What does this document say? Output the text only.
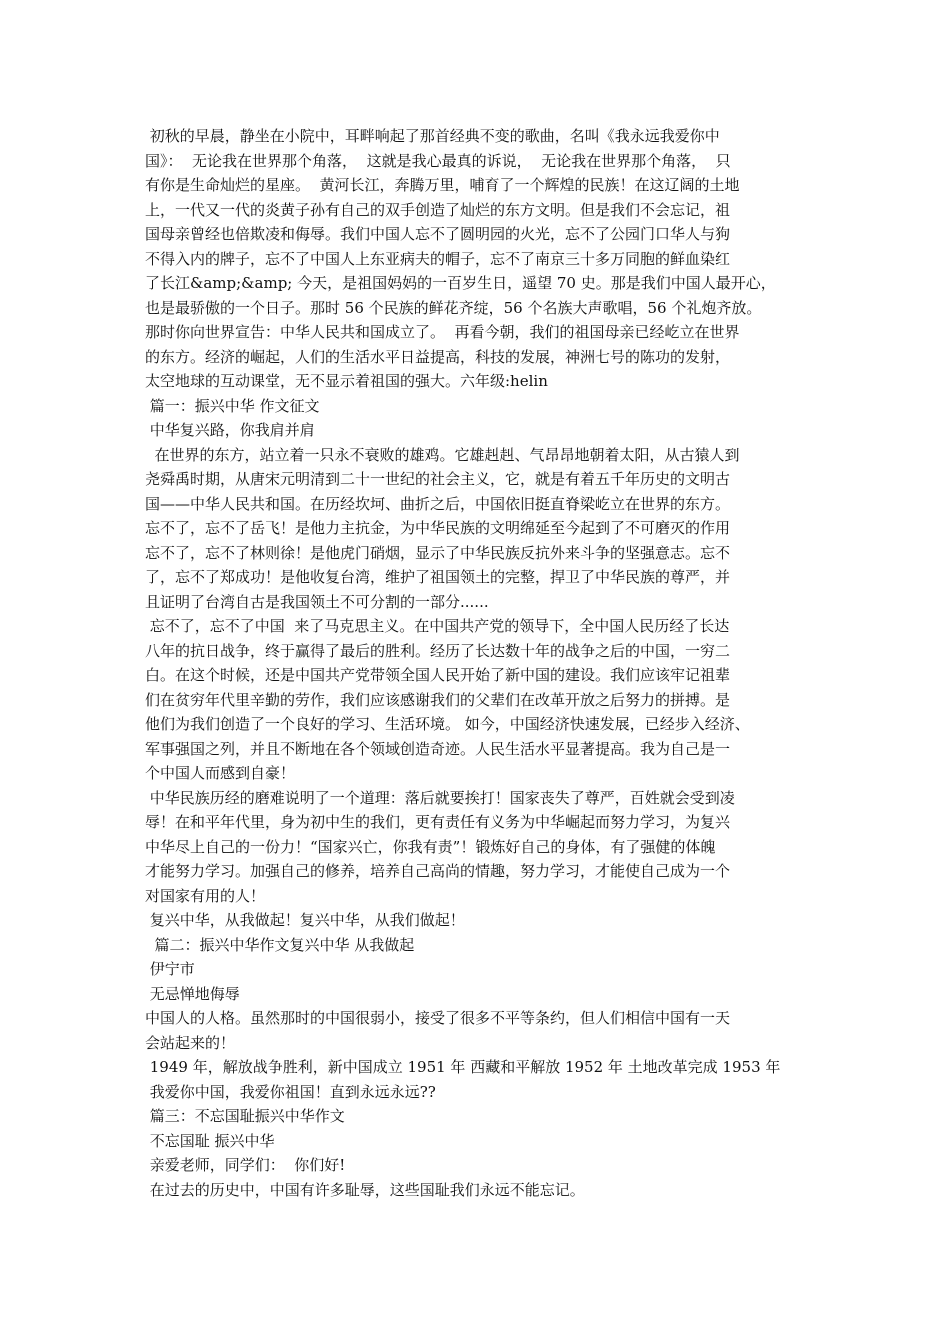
初秋的早晨，静坐在小院中，耳畔响起了那首经典不变的歌曲，名叫《我永远我爱你中
国》：  无论我在世界那个角落，  这就是我心最真的诉说，  无论我在世界那个角落，  只
有你是生命灿烂的星座。  黄河长江，奔腾万里，哺育了一个辉煌的民族！在这辽阔的土地
上，一代又一代的炎黄子孙有自己的双手创造了灿烂的东方文明。但是我们不会忘记，祖
国母亲曾经也倍欺凌和侮辱。我们中国人忘不了圆明园的火光，忘不了公园门口华人与狗
不得入内的牌子，忘不了中国人上东亚病夫的帽子，忘不了南京三十多万同胞的鲜血染红
了长江&amp;&amp; 今天，是祖国妈妈的一百岁生日，遥望 70 史。那是我们中国人最开心，
也是最骄傲的一个日子。那时 56 个民族的鲜花齐绽，56 个名族大声歌唱，56 个礼炮齐放。
那时你向世界宣告：中华人民共和国成立了。  再看今朝，我们的祖国母亲已经屹立在世界
的东方。经济的崛起，人们的生活水平日益提高，科技的发展，神洲七号的陈功的发射，
太空地球的互动课堂，无不显示着祖国的强大。六年级:helin
篇一：振兴中华 作文征文
中华复兴路，你我肩并肩
在世界的东方，站立着一只永不衰败的雄鸡。它雄赳赳、气昂昂地朝着太阳，从古猿人到
尧舜禹时期，从唐宋元明清到二十一世纪的社会主义，它，就是有着五千年历史的文明古
国——中华人民共和国。在历经坎坷、曲折之后，中国依旧挺直脊梁屹立在世界的东方。
忘不了，忘不了岳飞！是他力主抗金，为中华民族的文明绵延至今起到了不可磨灭的作用
忘不了，忘不了林则徐！是他虎门硝烟，显示了中华民族反抗外来斗争的坚强意志。忘不
了，忘不了郑成功！是他收复台湾，维护了祖国领土的完整，捍卫了中华民族的尊严，并
且证明了台湾自古是我国领土不可分割的一部分......
忘不了，忘不了中国  来了马克思主义。在中国共产党的领导下，全中国人民历经了长达
八年的抗日战争，终于赢得了最后的胜利。经历了长达数十年的战争之后的中国，一穷二
白。在这个时候，还是中国共产党带领全国人民开始了新中国的建设。我们应该牢记祖辈
们在贫穷年代里辛勤的劳作，我们应该感谢我们的父辈们在改革开放之后努力的拼搏。是
他们为我们创造了一个良好的学习、生活环境。 如今，中国经济快速发展，已经步入经济、
军事强国之列，并且不断地在各个领域创造奇迹。人民生活水平显著提高。我为自己是一
个中国人而感到自豪！
中华民族历经的磨难说明了一个道理：落后就要挨打！国家丧失了尊严，百姓就会受到凌
辱！在和平年代里，身为初中生的我们，更有责任有义务为中华崛起而努力学习，为复兴
中华尽上自己的一份力！“国家兴亡，你我有责”！锻炼好自己的身体，有了强健的体魄
才能努力学习。加强自己的修养，培养自己高尚的情趣，努力学习，才能使自己成为一个
对国家有用的人！
复兴中华，从我做起！复兴中华，从我们做起！
篇二：振兴中华作文复兴中华 从我做起
伊宁市
无忌惮地侮辱
中国人的人格。虽然那时的中国很弱小，接受了很多不平等条约，但人们相信中国有一天
会站起来的！
1949 年，解放战争胜利，新中国成立 1951 年 西藏和平解放 1952 年 土地改革完成 1953 年
我爱你中国，我爱你祖国！直到永远永远??
篇三：不忘国耻振兴中华作文
不忘国耻 振兴中华
亲爱老师，同学们：  你们好!
在过去的历史中，中国有许多耻辱，这些国耻我们永远不能忘记。
